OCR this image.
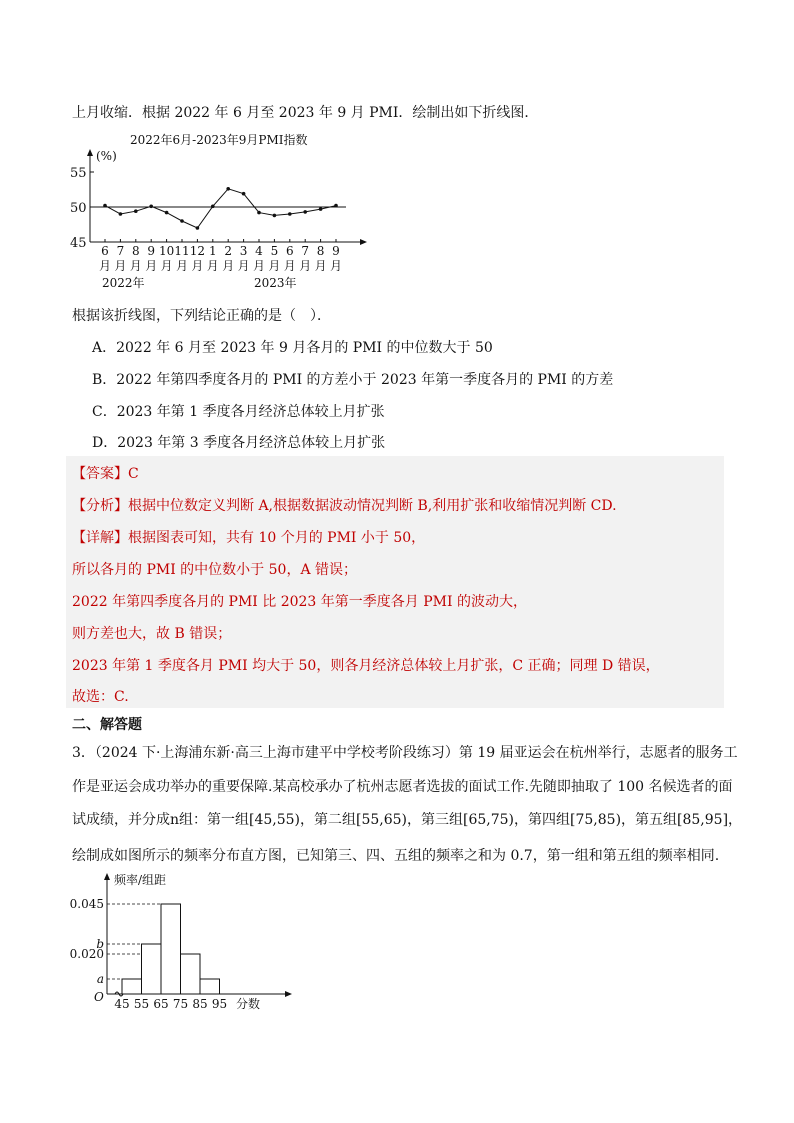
上月收缩．根据 2022 年 6 月至 2023 年 9 月 PMI．绘制出如下折线图．
2022年6月-2023年9月PMI指数
(%)
45
50
55
6
月
7
月
8
月
9
月
10
月
11
月
12
月
1
月
2
月
3
月
4
月
5
月
6
月
7
月
8
月
9
月
2022年	2023年
根据该折线图，下列结论正确的是（　）．
A．2022 年 6 月至 2023 年 9 月各月的 PMI 的中位数大于 50
B．2022 年第四季度各月的 PMI 的方差小于 2023 年第一季度各月的 PMI 的方差
C．2023 年第 1 季度各月经济总体较上月扩张
D．2023 年第 3 季度各月经济总体较上月扩张
【答案】C
【分析】根据中位数定义判断 A,根据数据波动情况判断 B,利用扩张和收缩情况判断 CD.
【详解】根据图表可知，共有 10 个月的 PMI 小于 50，
所以各月的 PMI 的中位数小于 50，A 错误；
2022 年第四季度各月的 PMI 比 2023 年第一季度各月 PMI 的波动大，
则方差也大，故 B 错误；
2023 年第 1 季度各月 PMI 均大于 50，则各月经济总体较上月扩张，C 正确；同理 D 错误，
故选：C.
二、解答题
3．（2024 下·上海浦东新·高三上海市建平中学校考阶段练习）第 19 届亚运会在杭州举行，志愿者的服务工
作是亚运会成功举办的重要保障.某高校承办了杭州志愿者选拔的面试工作.先随即抽取了 100 名候选者的面
试成绩，并分成n组：第一组[45,55)，第二组[55,65)，第三组[65,75)，第四组[75,85)，第五组[85,95]，
绘制成如图所示的频率分布直方图，已知第三、四、五组的频率之和为 0.7，第一组和第五组的频率相同.
频率/组距
0.045
b
0.020
a
45 55 65 75 85 95
O	分数
